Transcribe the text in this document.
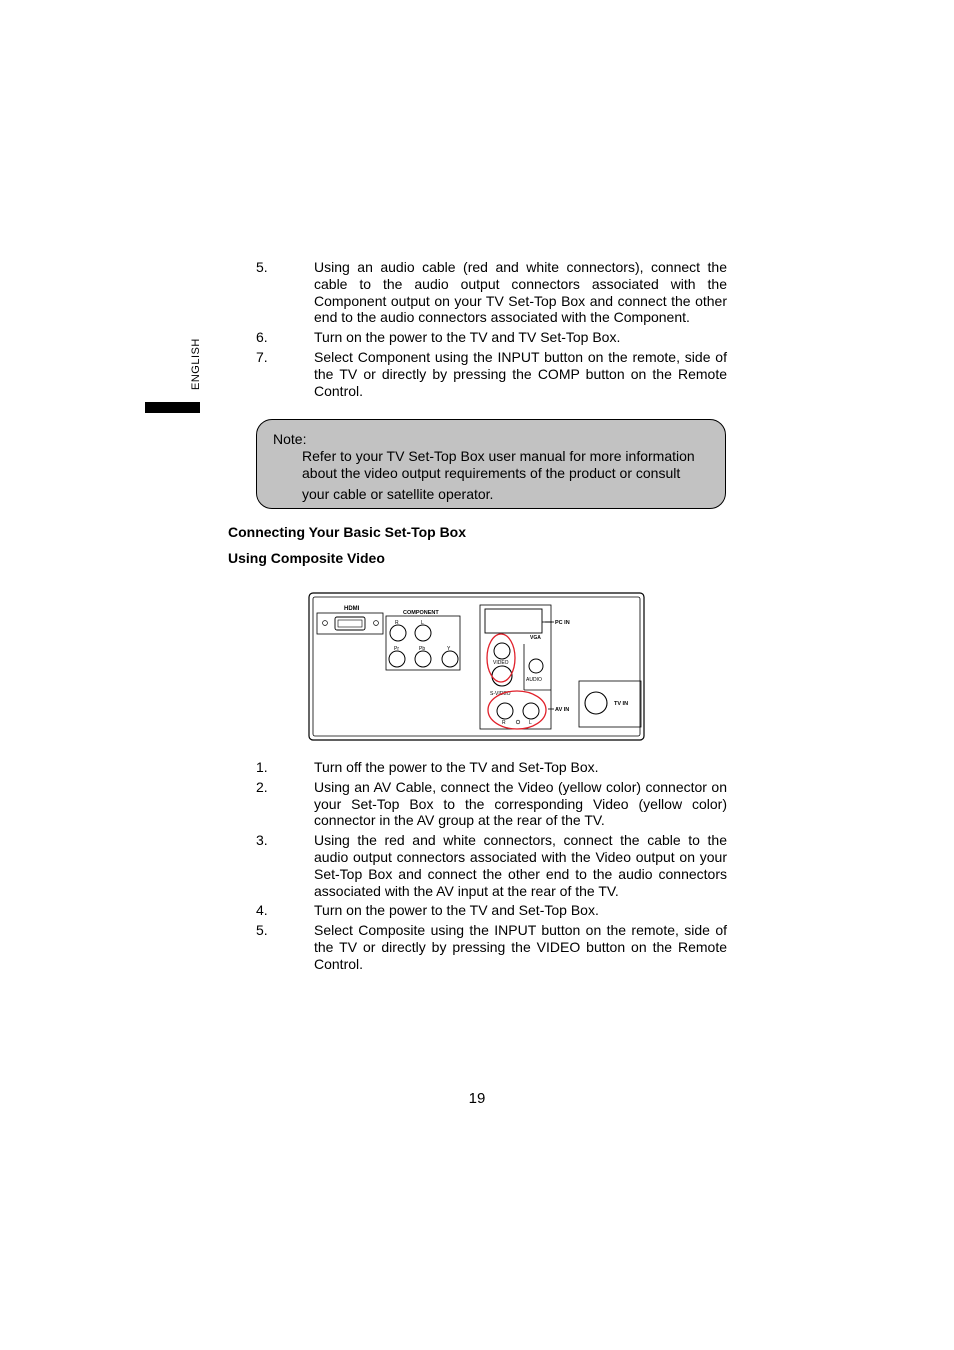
ENGLISH
5.	Using an audio cable (red and white connectors), connect the cable to the audio output connectors associated with the Component output on your TV Set-Top Box and connect the other end to the audio connectors associated with the Component.
6.	Turn on the power to the TV and TV Set-Top Box.
7.	Select Component using the INPUT button on the remote, side of the TV or directly by pressing the COMP button on the Remote Control.
Note:
Refer to your TV Set-Top Box user manual for more information about the video output requirements of the product or consult
your cable or satellite operator.
Connecting Your Basic Set-Top Box
Using Composite Video
HDMI
COMPONENT
R	L
Pr	Pb	Y
PC IN
VGA
VIDEO
AUDIO
S-VIDEO
R	L
AV IN
TV IN
1.	Turn off the power to the TV and Set-Top Box.
2.	Using an AV Cable, connect the Video (yellow color) connector on your Set-Top Box to the corresponding Video (yellow color) connector in the AV group at the rear of the TV.
3.	Using the red and white connectors, connect the cable to the audio output connectors associated with the Video output on your Set-Top Box and connect the other end to the audio connectors associated with the AV input at the rear of the TV.
4.	Turn on the power to the TV and Set-Top Box.
5.	Select Composite using the INPUT button on the remote, side of the TV or directly by pressing the VIDEO button on the Remote Control.
19
